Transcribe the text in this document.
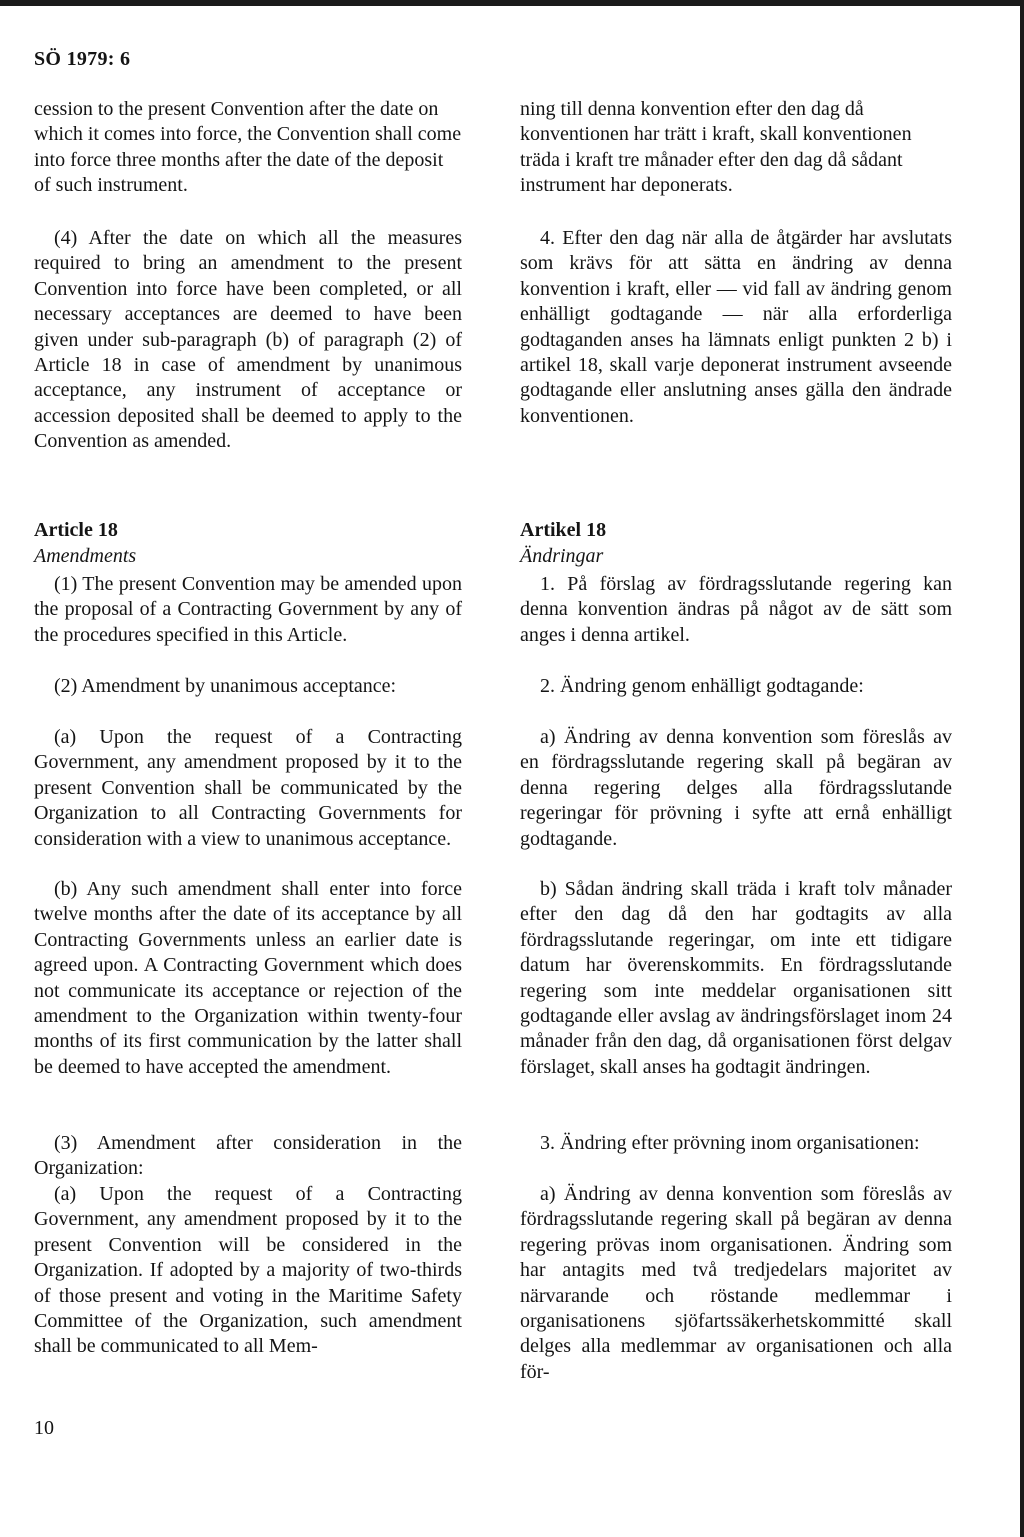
SÖ 1979: 6

cession to the present Convention after the date on which it comes into force, the Convention shall come into force three months after the date of the deposit of such instrument.

(4) After the date on which all the measures required to bring an amendment to the present Convention into force have been completed, or all necessary acceptances are deemed to have been given under sub-paragraph (b) of paragraph (2) of Article 18 in case of amendment by unanimous acceptance, any instrument of acceptance or accession deposited shall be deemed to apply to the Convention as amended.

Article 18

Amendments

(1) The present Convention may be amended upon the proposal of a Contracting Government by any of the procedures specified in this Article.

(2) Amendment by unanimous acceptance:

(a) Upon the request of a Contracting Government, any amendment proposed by it to the present Convention shall be communicated by the Organization to all Contracting Governments for consideration with a view to unanimous acceptance.

(b) Any such amendment shall enter into force twelve months after the date of its acceptance by all Contracting Governments unless an earlier date is agreed upon. A Contracting Government which does not communicate its acceptance or rejection of the amendment to the Organization within twenty-four months of its first communication by the latter shall be deemed to have accepted the amendment.

(3) Amendment after consideration in the Organization:

(a) Upon the request of a Contracting Government, any amendment proposed by it to the present Convention will be considered in the Organization. If adopted by a majority of two-thirds of those present and voting in the Maritime Safety Committee of the Organization, such amendment shall be communicated to all Mem-

ning till denna konvention efter den dag då konventionen har trätt i kraft, skall konventionen träda i kraft tre månader efter den dag då sådant instrument har deponerats.

4. Efter den dag när alla de åtgärder har avslutats som krävs för att sätta en ändring av denna konvention i kraft, eller — vid fall av ändring genom enhälligt godtagande — när alla erforderliga godtaganden anses ha lämnats enligt punkten 2 b) i artikel 18, skall varje deponerat instrument avseende godtagande eller anslutning anses gälla den ändrade konventionen.

Artikel 18

Ändringar

1. På förslag av fördragsslutande regering kan denna konvention ändras på något av de sätt som anges i denna artikel.

2. Ändring genom enhälligt godtagande:

a) Ändring av denna konvention som föreslås av en fördragsslutande regering skall på begäran av denna regering delges alla fördragsslutande regeringar för prövning i syfte att ernå enhälligt godtagande.

b) Sådan ändring skall träda i kraft tolv månader efter den dag då den har godtagits av alla fördragsslutande regeringar, om inte ett tidigare datum har överenskommits. En fördragsslutande regering som inte meddelar organisationen sitt godtagande eller avslag av ändringsförslaget inom 24 månader från den dag, då organisationen först delgav förslaget, skall anses ha godtagit ändringen.

3. Ändring efter prövning inom organisationen:

a) Ändring av denna konvention som föreslås av fördragsslutande regering skall på begäran av denna regering prövas inom organisationen. Ändring som har antagits med två tredjedelars majoritet av närvarande och röstande medlemmar i organisationens sjöfartssäkerhetskommitté skall delges alla medlemmar av organisationen och alla för-

10
